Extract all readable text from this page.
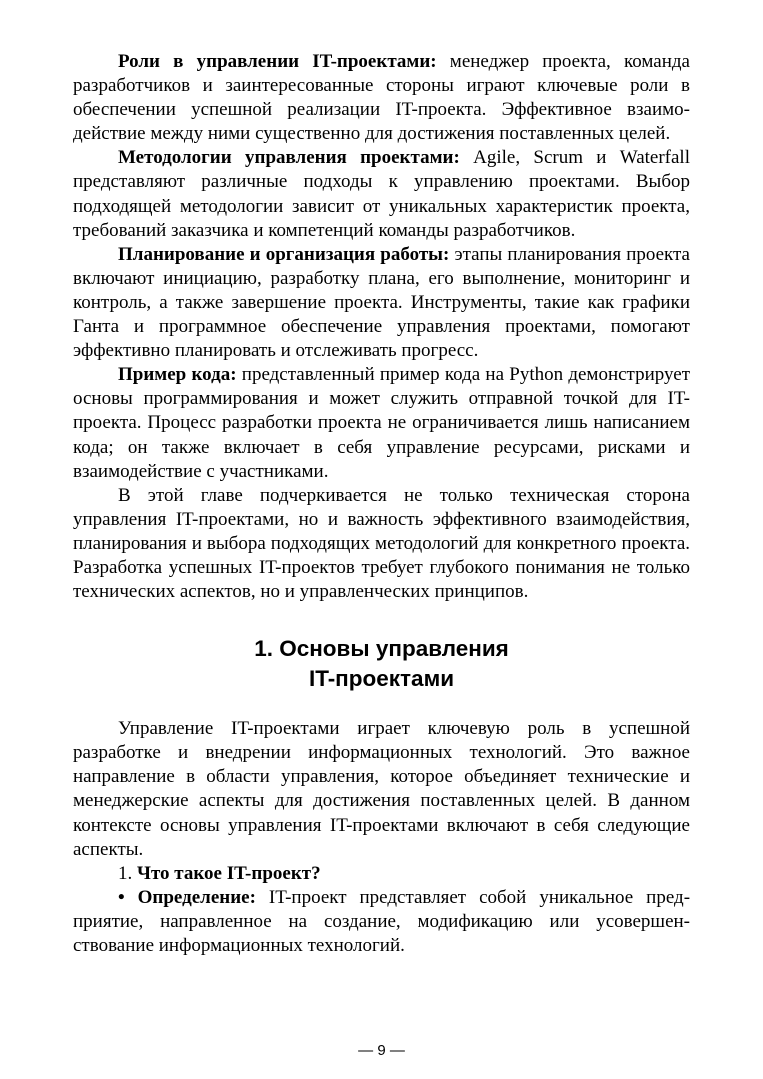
Роли в управлении IT-проектами: менеджер проекта, команда разработчиков и заинтересованные стороны играют ключевые роли в обеспечении успешной реализации IT-проекта. Эффективное взаимодействие между ними существенно для достижения поставленных целей.

Методологии управления проектами: Agile, Scrum и Waterfall представляют различные подходы к управлению проектами. Выбор подходящей методологии зависит от уникальных характеристик проекта, требований заказчика и компетенций команды разработчиков.

Планирование и организация работы: этапы планирования проекта включают инициацию, разработку плана, его выполнение, мониторинг и контроль, а также завершение проекта. Инструменты, такие как графики Ганта и программное обеспечение управления проектами, помогают эффективно планировать и отслеживать прогресс.

Пример кода: представленный пример кода на Python демонстрирует основы программирования и может служить отправной точкой для IT-проекта. Процесс разработки проекта не ограничивается лишь написанием кода; он также включает в себя управление ресурсами, рисками и взаимодействие с участниками.

В этой главе подчеркивается не только техническая сторона управления IT-проектами, но и важность эффективного взаимодействия, планирования и выбора подходящих методологий для конкретного проекта. Разработка успешных IT-проектов требует глубокого понимания не только технических аспектов, но и управленческих принципов.

1. Основы управления
IT-проектами

Управление IT-проектами играет ключевую роль в успешной разработке и внедрении информационных технологий. Это важное направление в области управления, которое объединяет технические и менеджерские аспекты для достижения поставленных целей. В данном контексте основы управления IT-проектами включают в себя следующие аспекты.

1. Что такое IT-проект?

• Определение: IT-проект представляет собой уникальное предприятие, направленное на создание, модификацию или усовершенствование информационных технологий.

— 9 —
